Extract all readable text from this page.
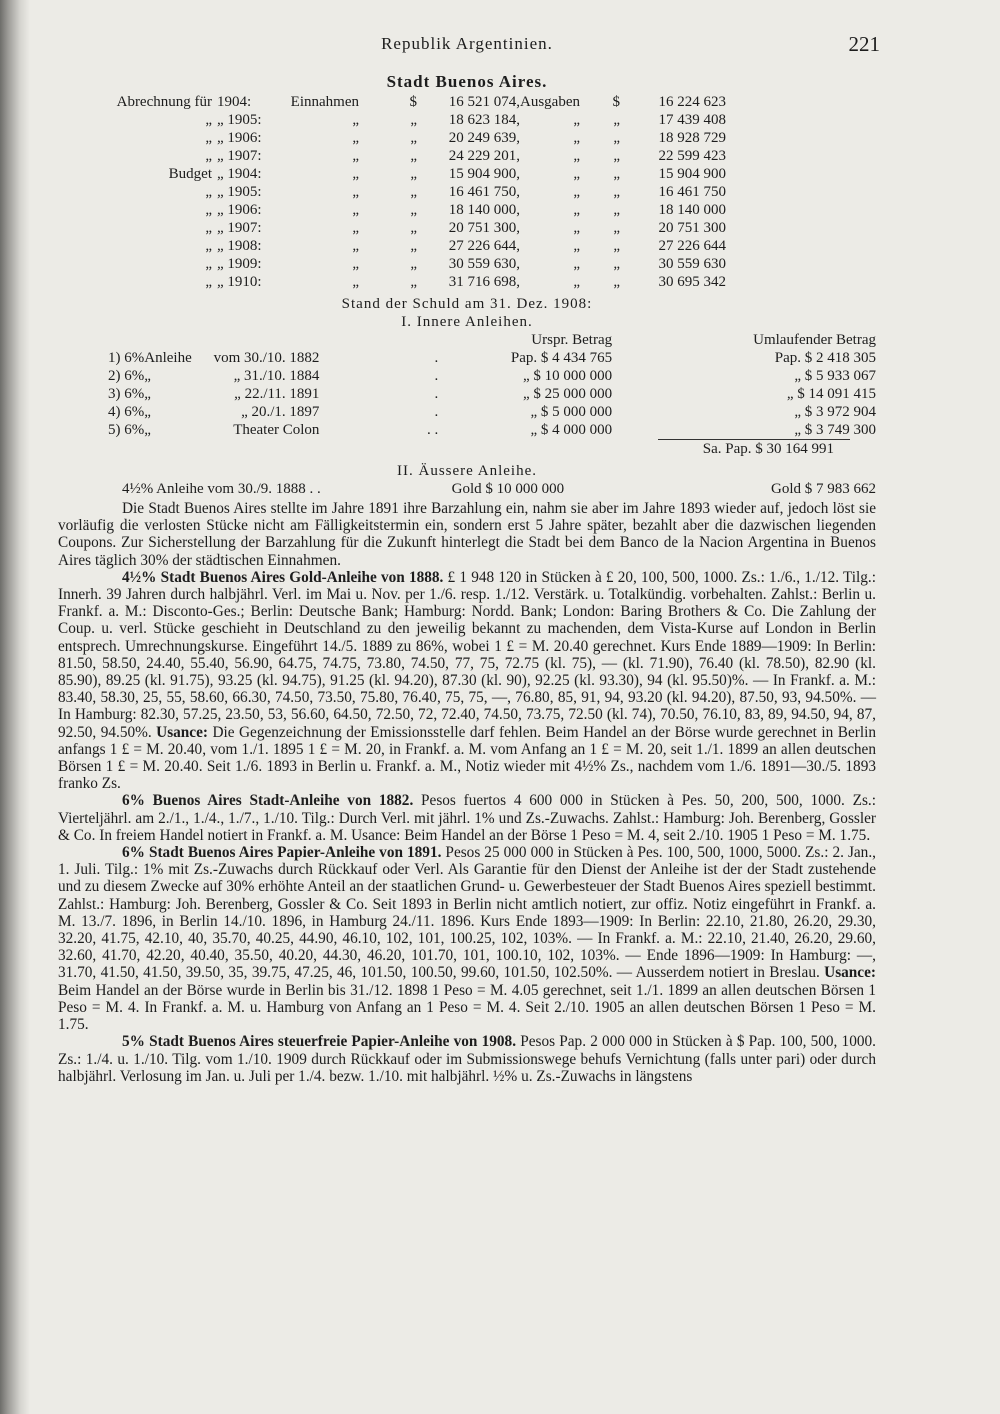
Republik Argentinien.	221
Stadt Buenos Aires.
Abrechnung für	1904:	Einnahmen	$	16 521 074,	Ausgaben	$	16 224 623
„	„ 1905:	„	„	18 623 184,	„	„	17 439 408
„	„ 1906:	„	„	20 249 639,	„	„	18 928 729
„	„ 1907:	„	„	24 229 201,	„	„	22 599 423
Budget	„ 1904:	„	„	15 904 900,	„	„	15 904 900
„	„ 1905:	„	„	16 461 750,	„	„	16 461 750
„	„ 1906:	„	„	18 140 000,	„	„	18 140 000
„	„ 1907:	„	„	20 751 300,	„	„	20 751 300
„	„ 1908:	„	„	27 226 644,	„	„	27 226 644
„	„ 1909:	„	„	30 559 630,	„	„	30 559 630
„	„ 1910:	„	„	31 716 698,	„	„	30 695 342
Stand der Schuld am 31. Dez. 1908:
I. Innere Anleihen.
				Urspr. Betrag	Umlaufender Betrag
1) 6%	Anleihe	vom 30./10. 1882	.	Pap. $ 4 434 765	Pap. $ 2 418 305
2) 6%	„	„ 31./10. 1884	.	„ $ 10 000 000	„ $ 5 933 067
3) 6%	„	„ 22./11. 1891	.	„ $ 25 000 000	„ $ 14 091 415
4) 6%	„	„ 20./1. 1897	.	„ $ 5 000 000	„ $ 3 972 904
5) 6%	„	Theater Colon	. .	„ $ 4 000 000	„ $ 3 749 300
Sa. Pap. $ 30 164 991
II. Äussere Anleihe.
4½% Anleihe vom 30./9. 1888 . .	Gold $ 10 000 000	Gold $ 7 983 662

Die Stadt Buenos Aires stellte im Jahre 1891 ihre Barzahlung ein, nahm sie aber im Jahre 1893 wieder auf, jedoch löst sie vorläufig die verlosten Stücke nicht am Fälligkeitstermin ein, sondern erst 5 Jahre später, bezahlt aber die dazwischen liegenden Coupons. Zur Sicherstellung der Barzahlung für die Zukunft hinterlegt die Stadt bei dem Banco de la Nacion Argentina in Buenos Aires täglich 30% der städtischen Einnahmen.

4½% Stadt Buenos Aires Gold-Anleihe von 1888. £ 1 948 120 in Stücken à £ 20, 100, 500, 1000. Zs.: 1./6., 1./12. Tilg.: Innerh. 39 Jahren durch halbjährl. Verl. im Mai u. Nov. per 1./6. resp. 1./12. Verstärk. u. Totalkündig. vorbehalten. Zahlst.: Berlin u. Frankf. a. M.: Disconto-Ges.; Berlin: Deutsche Bank; Hamburg: Nordd. Bank; London: Baring Brothers & Co. Die Zahlung der Coup. u. verl. Stücke geschieht in Deutschland zu den jeweilig bekannt zu machenden, dem Vista-Kurse auf London in Berlin entsprech. Umrechnungskurse. Eingeführt 14./5. 1889 zu 86%, wobei 1 £ = M. 20.40 gerechnet. Kurs Ende 1889—1909: In Berlin: 81.50, 58.50, 24.40, 55.40, 56.90, 64.75, 74.75, 73.80, 74.50, 77, 75, 72.75 (kl. 75), — (kl. 71.90), 76.40 (kl. 78.50), 82.90 (kl. 85.90), 89.25 (kl. 91.75), 93.25 (kl. 94.75), 91.25 (kl. 94.20), 87.30 (kl. 90), 92.25 (kl. 93.30), 94 (kl. 95.50)%. — In Frankf. a. M.: 83.40, 58.30, 25, 55, 58.60, 66.30, 74.50, 73.50, 75.80, 76.40, 75, 75, —, 76.80, 85, 91, 94, 93.20 (kl. 94.20), 87.50, 93, 94.50%. — In Hamburg: 82.30, 57.25, 23.50, 53, 56.60, 64.50, 72.50, 72, 72.40, 74.50, 73.75, 72.50 (kl. 74), 70.50, 76.10, 83, 89, 94.50, 94, 87, 92.50, 94.50%. Usance: Die Gegenzeichnung der Emissionsstelle darf fehlen. Beim Handel an der Börse wurde gerechnet in Berlin anfangs 1 £ = M. 20.40, vom 1./1. 1895 1 £ = M. 20, in Frankf. a. M. vom Anfang an 1 £ = M. 20, seit 1./1. 1899 an allen deutschen Börsen 1 £ = M. 20.40. Seit 1./6. 1893 in Berlin u. Frankf. a. M., Notiz wieder mit 4½% Zs., nachdem vom 1./6. 1891—30./5. 1893 franko Zs.

6% Buenos Aires Stadt-Anleihe von 1882. Pesos fuertos 4 600 000 in Stücken à Pes. 50, 200, 500, 1000. Zs.: Vierteljährl. am 2./1., 1./4., 1./7., 1./10. Tilg.: Durch Verl. mit jährl. 1% und Zs.-Zuwachs. Zahlst.: Hamburg: Joh. Berenberg, Gossler & Co. In freiem Handel notiert in Frankf. a. M. Usance: Beim Handel an der Börse 1 Peso = M. 4, seit 2./10. 1905 1 Peso = M. 1.75.

6% Stadt Buenos Aires Papier-Anleihe von 1891. Pesos 25 000 000 in Stücken à Pes. 100, 500, 1000, 5000. Zs.: 2. Jan., 1. Juli. Tilg.: 1% mit Zs.-Zuwachs durch Rückkauf oder Verl. Als Garantie für den Dienst der Anleihe ist der der Stadt zustehende und zu diesem Zwecke auf 30% erhöhte Anteil an der staatlichen Grund- u. Gewerbesteuer der Stadt Buenos Aires speziell bestimmt. Zahlst.: Hamburg: Joh. Berenberg, Gossler & Co. Seit 1893 in Berlin nicht amtlich notiert, zur offiz. Notiz eingeführt in Frankf. a. M. 13./7. 1896, in Berlin 14./10. 1896, in Hamburg 24./11. 1896. Kurs Ende 1893—1909: In Berlin: 22.10, 21.80, 26.20, 29.30, 32.20, 41.75, 42.10, 40, 35.70, 40.25, 44.90, 46.10, 102, 101, 100.25, 102, 103%. — In Frankf. a. M.: 22.10, 21.40, 26.20, 29.60, 32.60, 41.70, 42.20, 40.40, 35.50, 40.20, 44.30, 46.20, 101.70, 101, 100.10, 102, 103%. — Ende 1896—1909: In Hamburg: —, 31.70, 41.50, 41.50, 39.50, 35, 39.75, 47.25, 46, 101.50, 100.50, 99.60, 101.50, 102.50%. — Ausserdem notiert in Breslau. Usance: Beim Handel an der Börse wurde in Berlin bis 31./12. 1898 1 Peso = M. 4.05 gerechnet, seit 1./1. 1899 an allen deutschen Börsen 1 Peso = M. 4. In Frankf. a. M. u. Hamburg von Anfang an 1 Peso = M. 4. Seit 2./10. 1905 an allen deutschen Börsen 1 Peso = M. 1.75.

5% Stadt Buenos Aires steuerfreie Papier-Anleihe von 1908. Pesos Pap. 2 000 000 in Stücken à $ Pap. 100, 500, 1000. Zs.: 1./4. u. 1./10. Tilg. vom 1./10. 1909 durch Rückkauf oder im Submissionswege behufs Vernichtung (falls unter pari) oder durch halbjährl. Verlosung im Jan. u. Juli per 1./4. bezw. 1./10. mit halbjährl. ½% u. Zs.-Zuwachs in längstens
